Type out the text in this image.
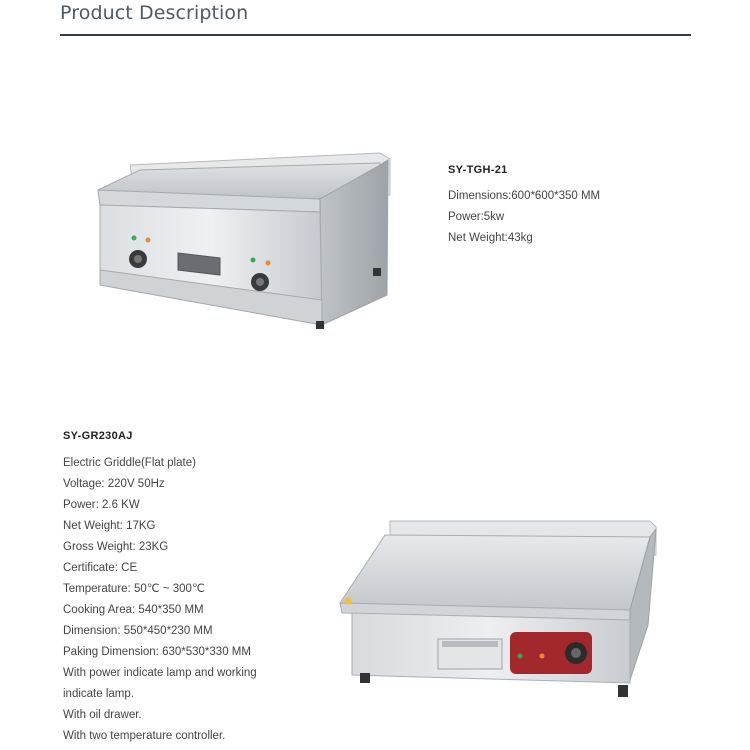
Product Description
SY-TGH-21
Dimensions:600*600*350 MM
Power:5kw
Net Weight:43kg
SY-GR230AJ
Electric Griddle(Flat plate)
Voltage: 220V 50Hz
Power: 2.6 KW
Net Weight: 17KG
Gross Weight: 23KG
Certificate: CE
Temperature: 50℃ ~ 300℃
Cooking Area: 540*350 MM
Dimension: 550*450*230 MM
Paking Dimension: 630*530*330 MM
With power indicate lamp and working
indicate lamp.
With oil drawer.
With two temperature controller.
